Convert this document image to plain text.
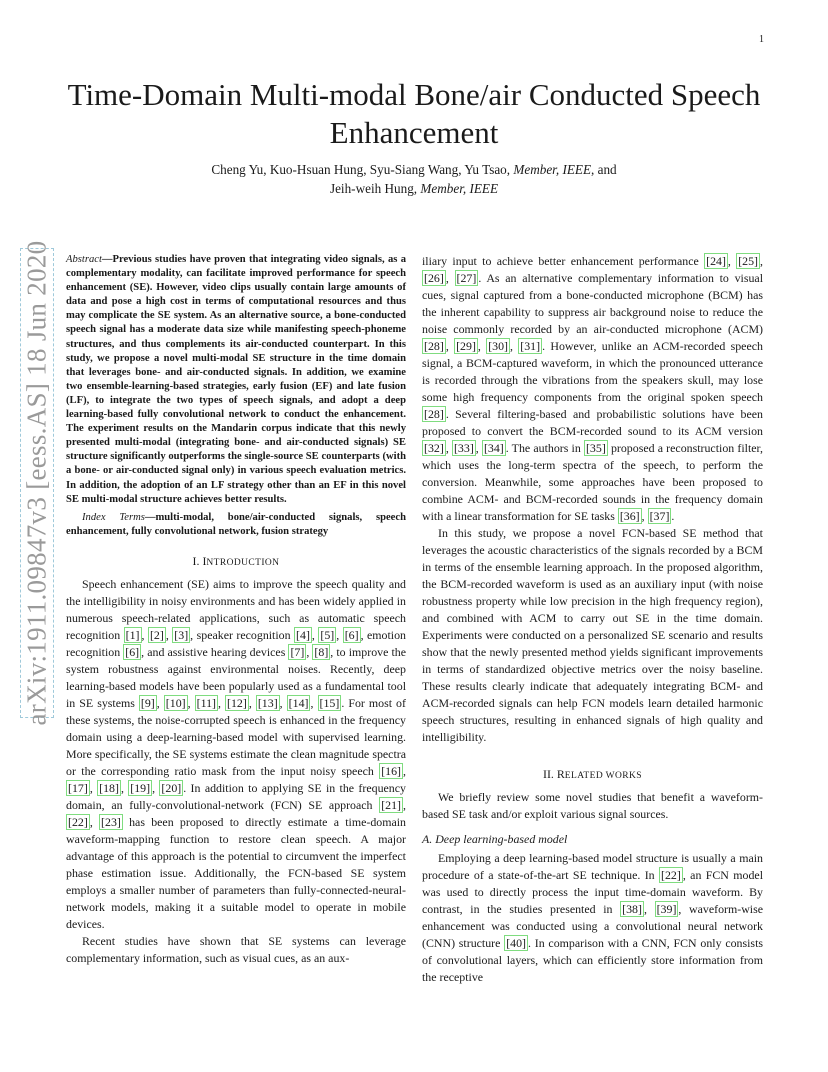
1
Time-Domain Multi-modal Bone/air Conducted Speech Enhancement
Cheng Yu, Kuo-Hsuan Hung, Syu-Siang Wang, Yu Tsao, Member, IEEE, and
Jeih-weih Hung, Member, IEEE
arXiv:1911.09847v3 [eess.AS] 18 Jun 2020 Abstract—Previous studies have proven that integrating video signals, as a complementary modality, can facilitate improved performance for speech enhancement (SE). However, video clips usually contain large amounts of data and pose a high cost in terms of computational resources and thus may complicate the SE system. As an alternative source, a bone-conducted speech signal has a moderate data size while manifesting speech-phoneme structures, and thus complements its air-conducted counterpart. In this study, we propose a novel multi-modal SE structure in the time domain that leverages bone- and air-conducted signals. In addition, we examine two ensemble-learning-based strategies, early fusion (EF) and late fusion (LF), to integrate the two types of speech signals, and adopt a deep learning-based fully convolutional network to conduct the enhancement. The experiment results on the Mandarin corpus indicate that this newly presented multi-modal (integrating bone- and air-conducted signals) SE structure significantly outperforms the single-source SE counterparts (with a bone- or air-conducted signal only) in various speech evaluation metrics. In addition, the adoption of an LF strategy other than an EF in this novel SE multi-modal structure achieves better results.

Index Terms—multi-modal, bone/air-conducted signals, speech enhancement, fully convolutional network, fusion strategy

I. INTRODUCTION

Speech enhancement (SE) aims to improve the speech quality and the intelligibility in noisy environments and has been widely applied in numerous speech-related applications, such as automatic speech recognition [1] , [2] , [3] , speaker recognition [4] , [5] , [6] , emotion recognition [6] , and assistive hearing devices [7] , [8] , to improve the system robustness against environmental noises. Recently, deep learning-based models have been popularly used as a fundamental tool in SE systems [9] , [10] , [11] , [12] , [13] , [14] , [15] . For most of these systems, the noise-corrupted speech is enhanced in the frequency domain using a deep-learning-based model with supervised learning. More specifically, the SE systems estimate the clean magnitude spectra or the corresponding ratio mask from the input noisy speech [16] , [17] , [18] , [19] , [20] . In addition to applying SE in the frequency domain, an fully-convolutional-network (FCN) SE approach [21] , [22] , [23] has been proposed to directly estimate a time-domain waveform-mapping function to restore clean speech. A major advantage of this approach is the potential to circumvent the imperfect phase estimation issue. Additionally, the FCN-based SE system employs a smaller number of parameters than fully-connected-neural-network models, making it a suitable model to operate in mobile devices.

Recent studies have shown that SE systems can leverage complementary information, such as visual cues, as an aux-

iliary input to achieve better enhancement performance [24] , [25] , [26] , [27] . As an alternative complementary information to visual cues, signal captured from a bone-conducted microphone (BCM) has the inherent capability to suppress air background noise to reduce the noise commonly recorded by an air-conducted microphone (ACM) [28] , [29] , [30] , [31] . However, unlike an ACM-recorded speech signal, a BCM-captured waveform, in which the pronounced utterance is recorded through the vibrations from the speakers skull, may lose some high frequency components from the original spoken speech [28] . Several filtering-based and probabilistic solutions have been proposed to convert the BCM-recorded sound to its ACM version [32] , [33] , [34] . The authors in [35] proposed a reconstruction filter, which uses the long-term spectra of the speech, to perform the conversion. Meanwhile, some approaches have been proposed to combine ACM- and BCM-recorded sounds in the frequency domain with a linear transformation for SE tasks [36] , [37] .

In this study, we propose a novel FCN-based SE method that leverages the acoustic characteristics of the signals recorded by a BCM in terms of the ensemble learning approach. In the proposed algorithm, the BCM-recorded waveform is used as an auxiliary input (with noise robustness property while low precision in the high frequency region), and combined with ACM to carry out SE in the time domain. Experiments were conducted on a personalized SE scenario and results show that the newly presented method yields significant improvements in terms of standardized objective metrics over the noisy baseline. These results clearly indicate that adequately integrating BCM- and ACM-recorded signals can help FCN models learn detailed harmonic speech structures, resulting in enhanced signals of high quality and intelligibility.

II. RELATED WORKS

We briefly review some novel studies that benefit a waveform-based SE task and/or exploit various signal sources.

A. Deep learning-based model

Employing a deep learning-based model structure is usually a main procedure of a state-of-the-art SE technique. In [22] , an FCN model was used to directly process the input time-domain waveform. By contrast, in the studies presented in [38] , [39] , waveform-wise enhancement was conducted using a convolutional neural network (CNN) structure [40] . In comparison with a CNN, FCN only consists of convolutional layers, which can efficiently store information from the receptive
